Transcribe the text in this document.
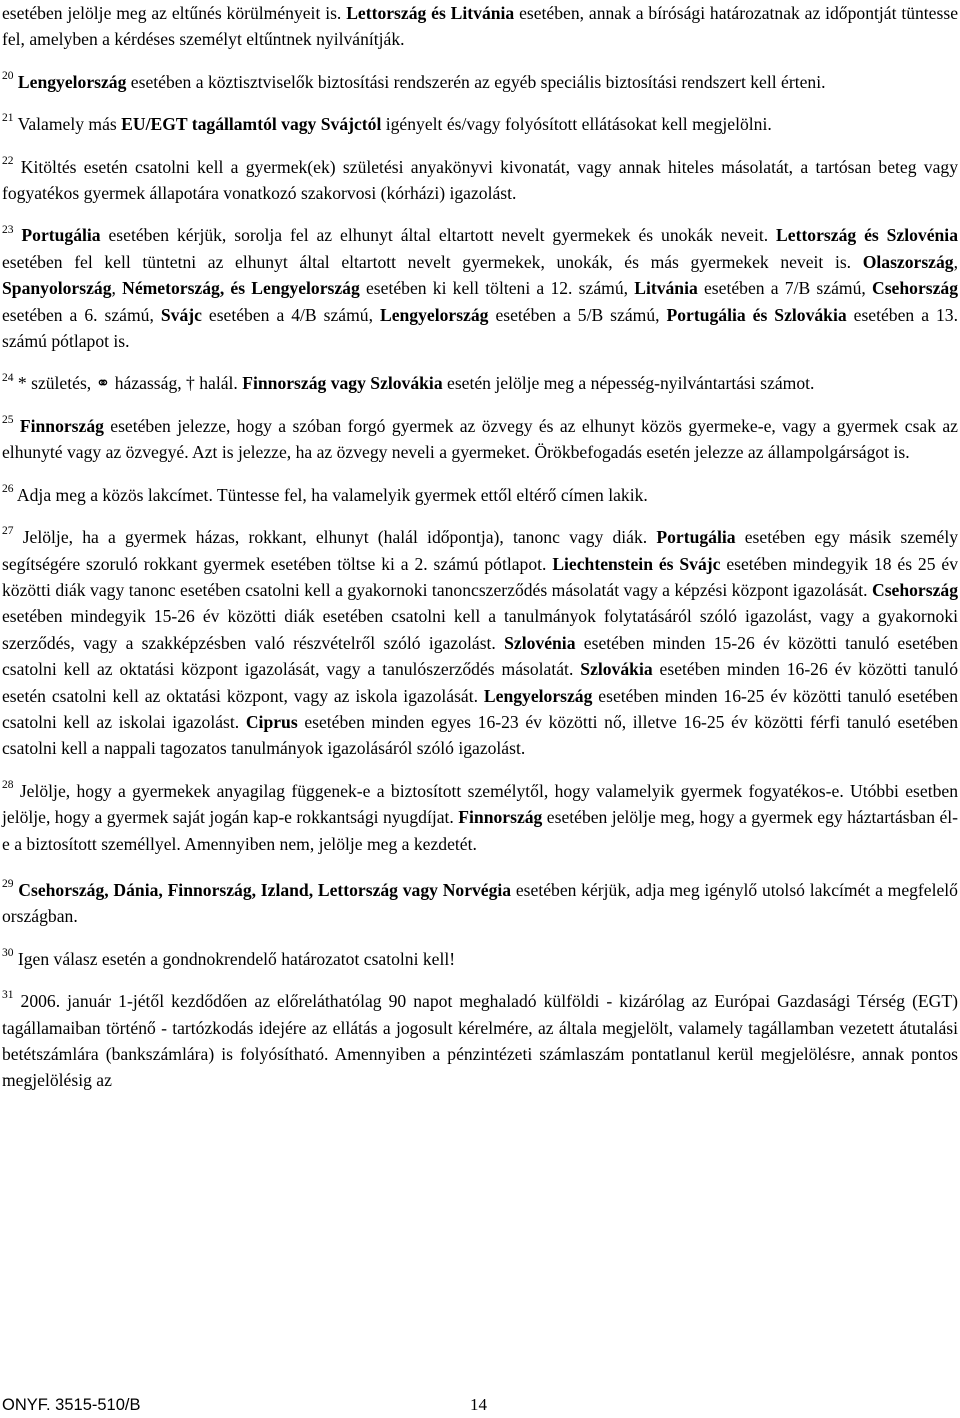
esetében jelölje meg az eltűnés körülményeit is. Lettország és Litvánia esetében, annak a bírósági határozatnak az időpontját tüntesse fel, amelyben a kérdéses személyt eltűntnek nyilvánítják.

$^{20}$ Lengyelország esetében a köztisztviselők biztosítási rendszerén az egyéb speciális biztosítási rendszert kell érteni.

$^{21}$ Valamely más EU/EGT tagállamtól vagy Svájctól igényelt és/vagy folyósított ellátásokat kell megjelölni.

$^{22}$ Kitöltés esetén csatolni kell a gyermek(ek) születési anyakönyvi kivonatát, vagy annak hiteles másolatát, a tartósan beteg vagy fogyatékos gyermek állapotára vonatkozó szakorvosi (kórházi) igazolást.

$^{23}$ Portugália esetében kérjük, sorolja fel az elhunyt által eltartott nevelt gyermekek és unokák neveit. Lettország és Szlovénia esetében fel kell tüntetni az elhunyt által eltartott nevelt gyermekek, unokák, és más gyermekek neveit is. Olaszország, Spanyolország, Németország, és Lengyelország esetében ki kell tölteni a 12. számú, Litvánia esetében a 7/B számú, Csehország esetében a 6. számú, Svájc esetében a 4/B számú, Lengyelország esetében a 5/B számú, Portugália és Szlovákia esetében a 13. számú pótlapot is.

$^{24}$ * születés, ⚭ házasság, † halál. Finnország vagy Szlovákia esetén jelölje meg a népesség-nyilvántartási számot.

$^{25}$ Finnország esetében jelezze, hogy a szóban forgó gyermek az özvegy és az elhunyt közös gyermeke-e, vagy a gyermek csak az elhunyté vagy az özvegyé. Azt is jelezze, ha az özvegy neveli a gyermeket. Örökbefogadás esetén jelezze az állampolgárságot is.

$^{26}$ Adja meg a közös lakcímet. Tüntesse fel, ha valamelyik gyermek ettől eltérő címen lakik.

$^{27}$ Jelölje, ha a gyermek házas, rokkant, elhunyt (halál időpontja), tanonc vagy diák. Portugália esetében egy másik személy segítségére szoruló rokkant gyermek esetében töltse ki a 2. számú pótlapot. Liechtenstein és Svájc esetében mindegyik 18 és 25 év közötti diák vagy tanonc esetében csatolni kell a gyakornoki tanoncszerződés másolatát vagy a képzési központ igazolását. Csehország esetében mindegyik 15-26 év közötti diák esetében csatolni kell a tanulmányok folytatásáról szóló igazolást, vagy a gyakornoki szerződés, vagy a szakképzésben való részvételről szóló igazolást. Szlovénia esetében minden 15-26 év közötti tanuló esetében csatolni kell az oktatási központ igazolását, vagy a tanulószerződés másolatát. Szlovákia esetében minden 16-26 év közötti tanuló esetén csatolni kell az oktatási központ, vagy az iskola igazolását. Lengyelország esetében minden 16-25 év közötti tanuló esetében csatolni kell az iskolai igazolást. Ciprus esetében minden egyes 16-23 év közötti nő, illetve 16-25 év közötti férfi tanuló esetében csatolni kell a nappali tagozatos tanulmányok igazolásáról szóló igazolást.

$^{28}$ Jelölje, hogy a gyermekek anyagilag függenek-e a biztosított személytől, hogy valamelyik gyermek fogyatékos-e. Utóbbi esetben jelölje, hogy a gyermek saját jogán kap-e rokkantsági nyugdíjat. Finnország esetében jelölje meg, hogy a gyermek egy háztartásban él-e a biztosított személlyel. Amennyiben nem, jelölje meg a kezdetét.

$^{29}$ Csehország, Dánia, Finnország, Izland, Lettország vagy Norvégia esetében kérjük, adja meg igénylő utolsó lakcímét a megfelelő országban.

$^{30}$ Igen válasz esetén a gondnokrendelő határozatot csatolni kell!

$^{31}$ 2006. január 1-jétől kezdődően az előreláthatólag 90 napot meghaladó külföldi - kizárólag az Európai Gazdasági Térség (EGT) tagállamaiban történő - tartózkodás idejére az ellátás a jogosult kérelmére, az általa megjelölt, valamely tagállamban vezetett átutalási betétszámlára (bankszámlára) is folyósítható. Amennyiben a pénzintézeti számlaszám pontatlanul kerül megjelölésre, annak pontos megjelölésig az

ONYF. 3515-510/B	14
